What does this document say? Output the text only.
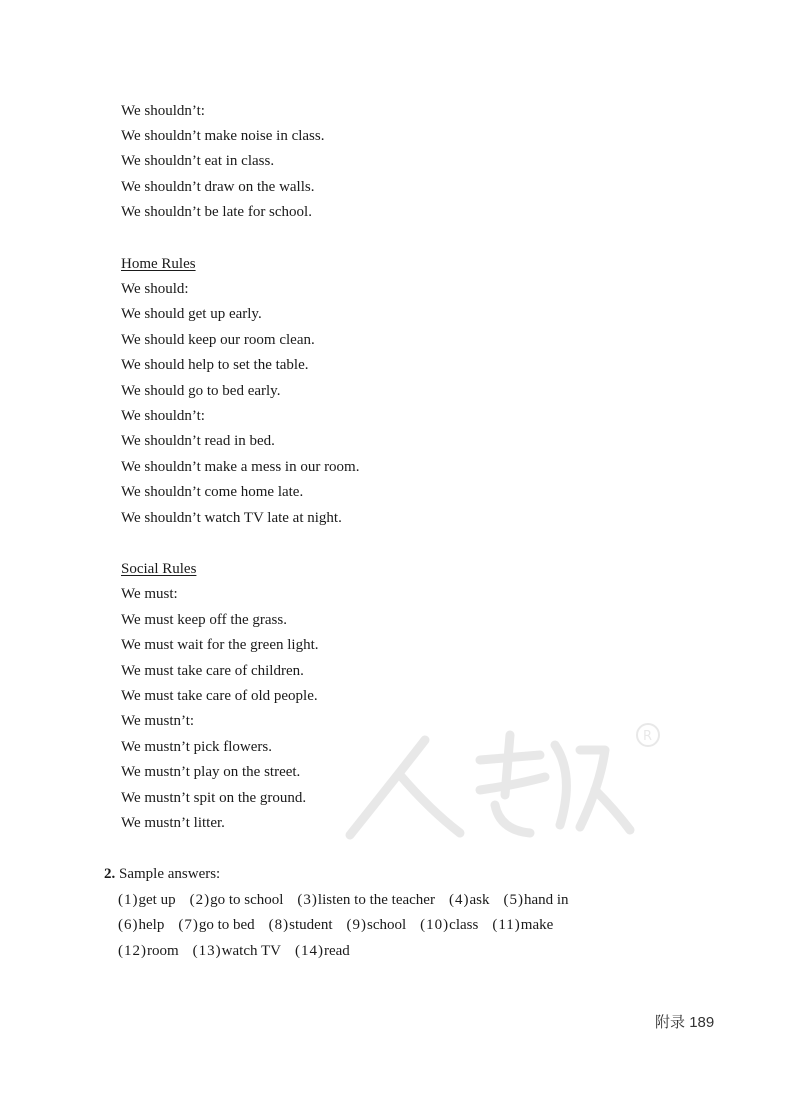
We shouldn’t:
We shouldn’t make noise in class.
We shouldn’t eat in class.
We shouldn’t draw on the walls.
We shouldn’t be late for school.
Home Rules
We should:
We should get up early.
We should keep our room clean.
We should help to set the table.
We should go to bed early.
We shouldn’t:
We shouldn’t read in bed.
We shouldn’t make a mess in our room.
We shouldn’t come home late.
We shouldn’t watch TV late at night.
Social Rules
We must:
We must keep off the grass.
We must wait for the green light.
We must take care of children.
We must take care of old people.
We mustn’t:
We mustn’t pick flowers.
We mustn’t play on the street.
We mustn’t spit on the ground.
We mustn’t litter.
2. Sample answers:
(1)get up (2)go to school (3)listen to the teacher (4)ask (5)hand in
(6)help (7)go to bed (8)student (9)school (10)class (11)make
(12)room (13)watch TV (14)read
附录 189
R
